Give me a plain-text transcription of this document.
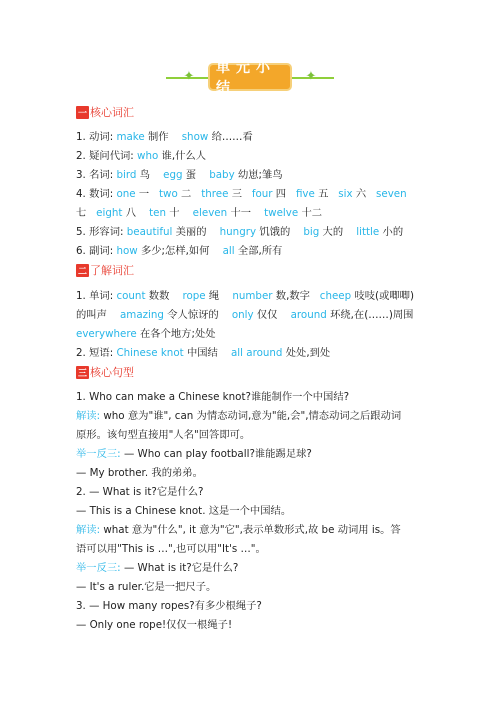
✦	✦
单元小结
一 核心词汇
1. 动词: make 制作 show 给……看
2. 疑问代词: who 谁,什么人
3. 名词: bird 鸟 egg 蛋 baby 幼崽;雏鸟
4. 数词: one 一 two 二 three 三 four 四 five 五 six 六 seven
七 eight 八 ten 十 eleven 十一 twelve 十二
5. 形容词: beautiful 美丽的 hungry 饥饿的 big 大的 little 小的
6. 副词: how 多少;怎样,如何 all 全部,所有
二 了解词汇
1. 单词: count 数数 rope 绳 number 数,数字 cheep 吱吱(或唧唧)
的叫声 amazing 令人惊讶的 only 仅仅 around 环绕,在(……)周围
everywhere 在各个地方;处处
2. 短语: Chinese knot 中国结 all around 处处,到处
三 核心句型
1. Who can make a Chinese knot?谁能制作一个中国结?
解读: who 意为"谁", can 为情态动词,意为"能,会",情态动词之后跟动词
原形。该句型直接用"人名"回答即可。
举一反三: — Who can play football?谁能踢足球?
— My brother. 我的弟弟。
2. — What is it?它是什么?
— This is a Chinese knot. 这是一个中国结。
解读: what 意为"什么", it 意为"它",表示单数形式,故 be 动词用 is。答
语可以用"This is …",也可以用"It's …"。
举一反三: — What is it?它是什么?
— It's a ruler.它是一把尺子。
3. — How many ropes?有多少根绳子?
— Only one rope!仅仅一根绳子!
